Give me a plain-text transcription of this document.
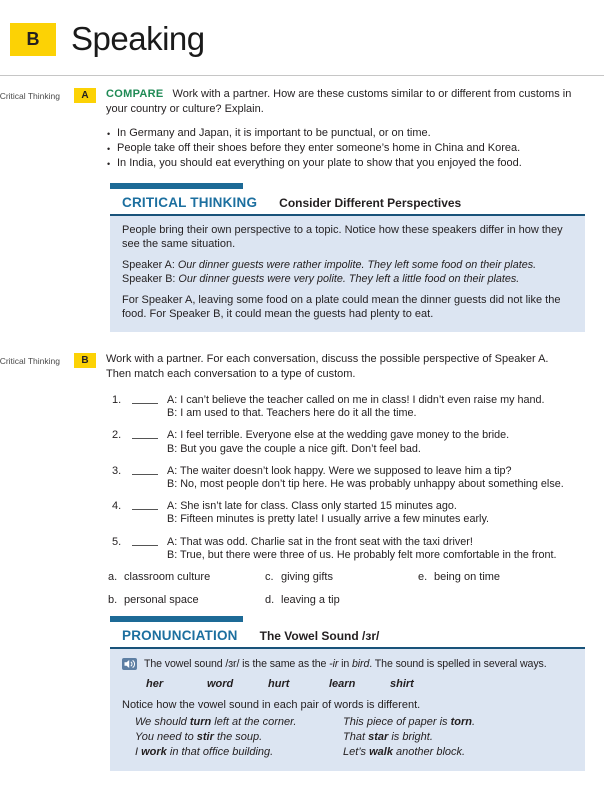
B Speaking
Critical Thinking	A	COMPARE Work with a partner. How are these customs similar to or different from customs in your country or culture? Explain.

• In Germany and Japan, it is important to be punctual, or on time.
• People take off their shoes before they enter someone’s home in China and Korea.
• In India, you should eat everything on your plate to show that you enjoyed the food.
CRITICAL THINKING Consider Different Perspectives

People bring their own perspective to a topic. Notice how these speakers differ in how they see the same situation.

Speaker A: Our dinner guests were rather impolite. They left some food on their plates.
Speaker B: Our dinner guests were very polite. They left a little food on their plates.

For Speaker A, leaving some food on a plate could mean the dinner guests did not like the food. For Speaker B, it could mean the guests had plenty to eat.

Critical Thinking	B	Work with a partner. For each conversation, discuss the possible perspective of Speaker A. Then match each conversation to a type of custom.

1.	A: I can’t believe the teacher called on me in class! I didn’t even raise my hand.
B: I am used to that. Teachers here do it all the time.
2.	A: I feel terrible. Everyone else at the wedding gave money to the bride.
B: But you gave the couple a nice gift. Don’t feel bad.
3.	A: The waiter doesn’t look happy. Were we supposed to leave him a tip?
B: No, most people don’t tip here. He was probably unhappy about something else.
4.	A: She isn’t late for class. Class only started 15 minutes ago.
B: Fifteen minutes is pretty late! I usually arrive a few minutes early.
5.	A: That was odd. Charlie sat in the front seat with the taxi driver!
B: True, but there were three of us. He probably felt more comfortable in the front.
a. classroom culture	c. giving gifts	e. being on time
b. personal space	d. leaving a tip
PRONUNCIATION The Vowel Sound /ɜr/
The vowel sound /ɜr/ is the same as the -ir in bird. The sound is spelled in several ways.
her	word	hurt	learn	shirt

Notice how the vowel sound in each pair of words is different.

We should turn left at the corner.	This piece of paper is torn.
You need to stir the soup.	That star is bright.
I work in that office building.	Let’s walk another block.
